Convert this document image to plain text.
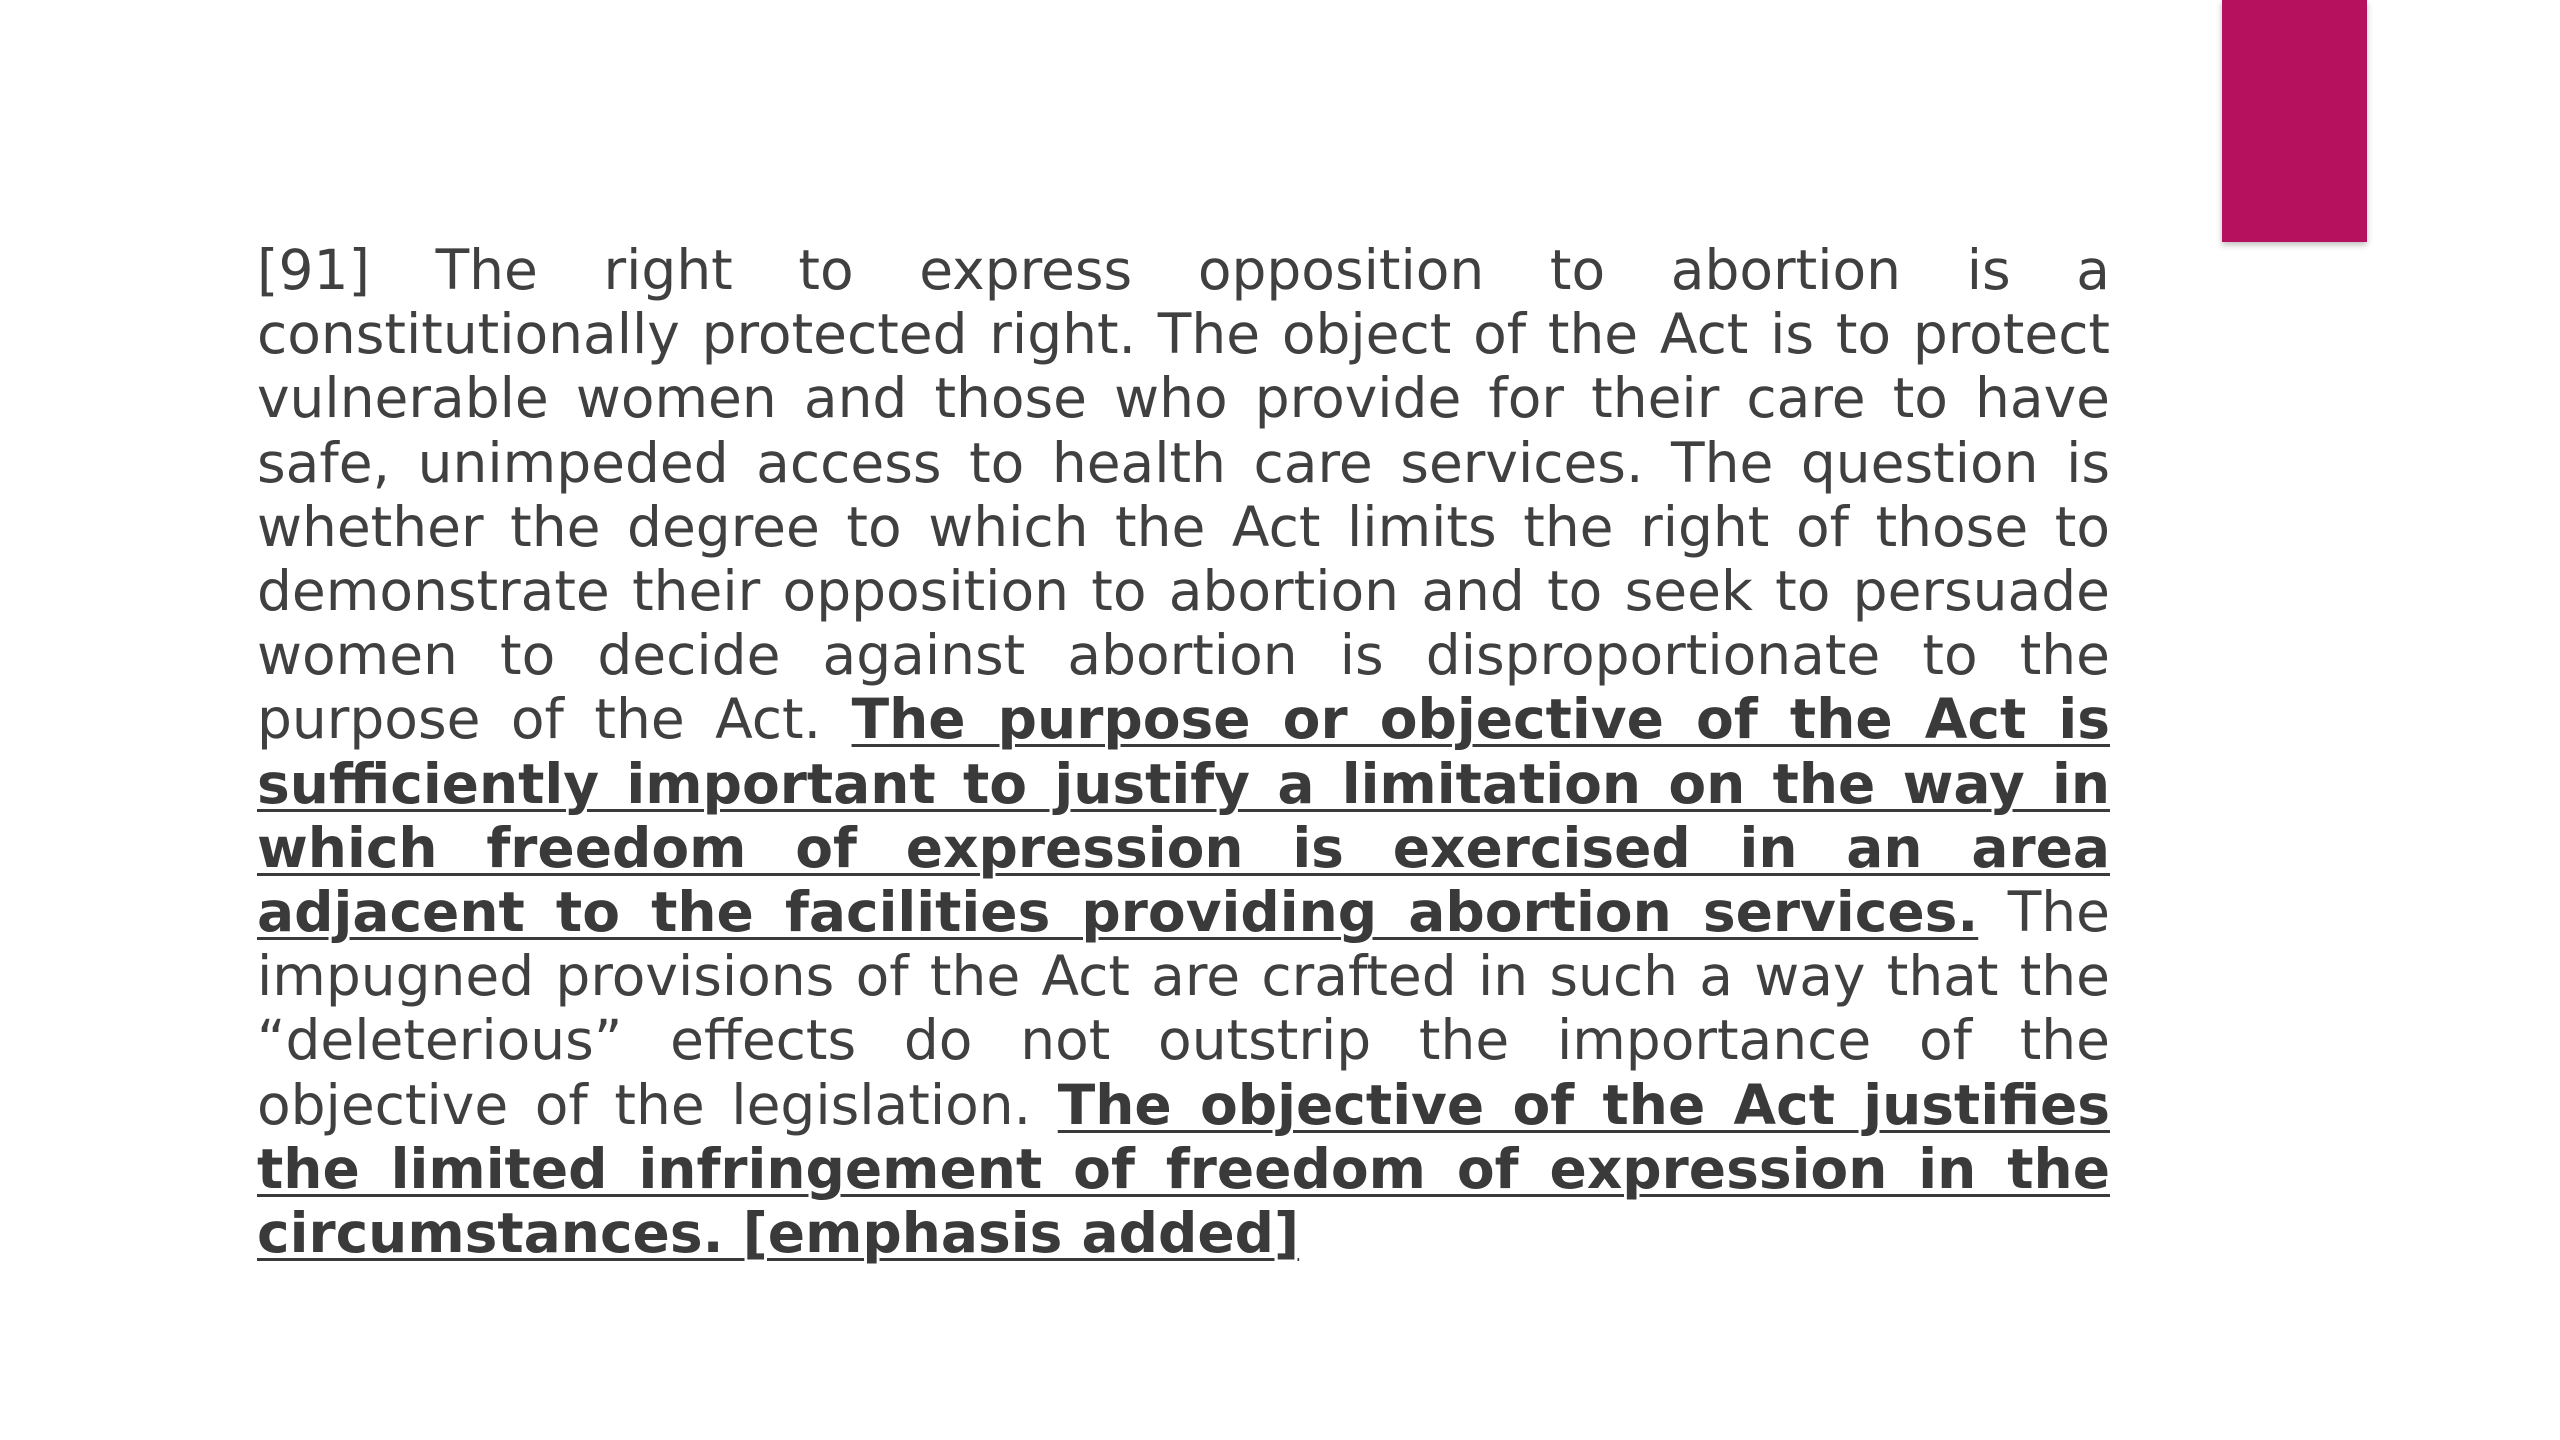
[91] The right to express opposition to abortion is a constitutionally protected right. The object of the Act is to protect vulnerable women and those who provide for their care to have safe, unimpeded access to health care services. The question is whether the degree to which the Act limits the right of those to demonstrate their opposition to abortion and to seek to persuade women to decide against abortion is disproportionate to the purpose of the Act. The purpose or objective of the Act is sufficiently important to justify a limitation on the way in which freedom of expression is exercised in an area adjacent to the facilities providing abortion services. The impugned provisions of the Act are crafted in such a way that the “deleterious” effects do not outstrip the importance of the objective of the legislation. The objective of the Act justifies the limited infringement of freedom of expression in the circumstances. [emphasis added]
